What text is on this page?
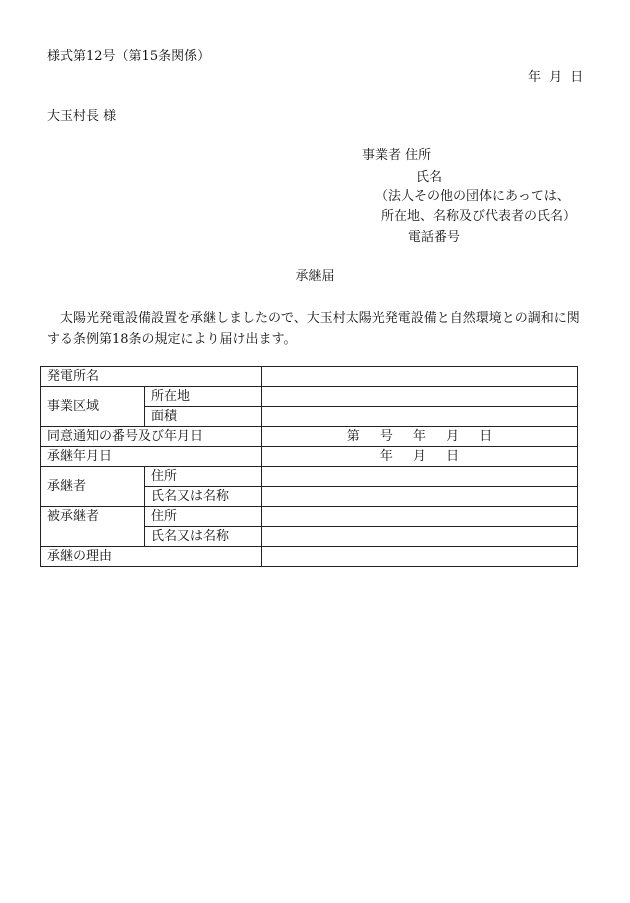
様式第12号（第15条関係）
年 月 日
大玉村長 様
事業者 住所
氏名
（法人その他の団体にあっては、
所在地、名称及び代表者の氏名）
電話番号
承継届
太陽光発電設備設置を承継しましたので、大玉村太陽光発電設備と自然環境との調和に関する条例第18条の規定により届け出ます。
発電所名		
事業区域	所在地	
	面積	
同意通知の番号及び年月日		第 号 年 月 日
承継年月日		年 月 日
承継者	住所	
	氏名又は名称	
被承継者	住所	
	氏名又は名称	
承継の理由		
